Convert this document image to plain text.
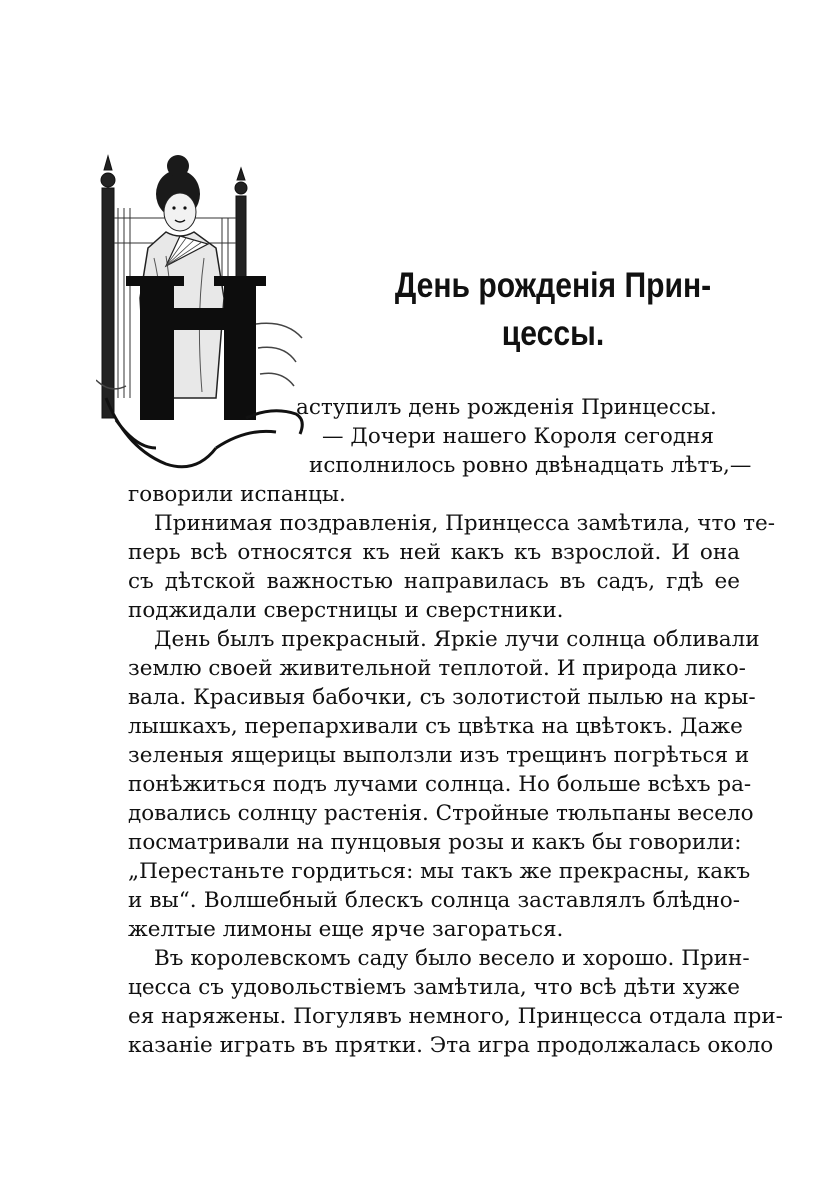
Н
День рожденія Прин-
цессы.
аступилъ день рожденія Принцессы.
— Дочери нашего Короля сегодня
исполнилось ровно двѣнадцать лѣтъ,—
говорили испанцы.
Принимая поздравленія, Принцесса замѣтила, что те-
перь всѣ относятся къ ней какъ къ взрослой. И она
съ дѣтской важностью направилась въ садъ, гдѣ ее
поджидали сверстницы и сверстники.
День былъ прекрасный. Яркіе лучи солнца обливали
землю своей живительной теплотой. И природа лико-
вала. Красивыя бабочки, съ золотистой пылью на кры-
лышкахъ, перепархивали съ цвѣтка на цвѣтокъ. Даже
зеленыя ящерицы выползли изъ трещинъ погрѣться и
понѣжиться подъ лучами солнца. Но больше всѣхъ ра-
довались солнцу растенія. Стройные тюльпаны весело
посматривали на пунцовыя розы и какъ бы говорили:
„Перестаньте гордиться: мы такъ же прекрасны, какъ
и вы“. Волшебный блескъ солнца заставлялъ блѣдно-
желтые лимоны еще ярче загораться.
Въ королевскомъ саду было весело и хорошо. Прин-
цесса съ удовольствіемъ замѣтила, что всѣ дѣти хуже
ея наряжены. Погулявъ немного, Принцесса отдала при-
казаніе играть въ прятки. Эта игра продолжалась около
